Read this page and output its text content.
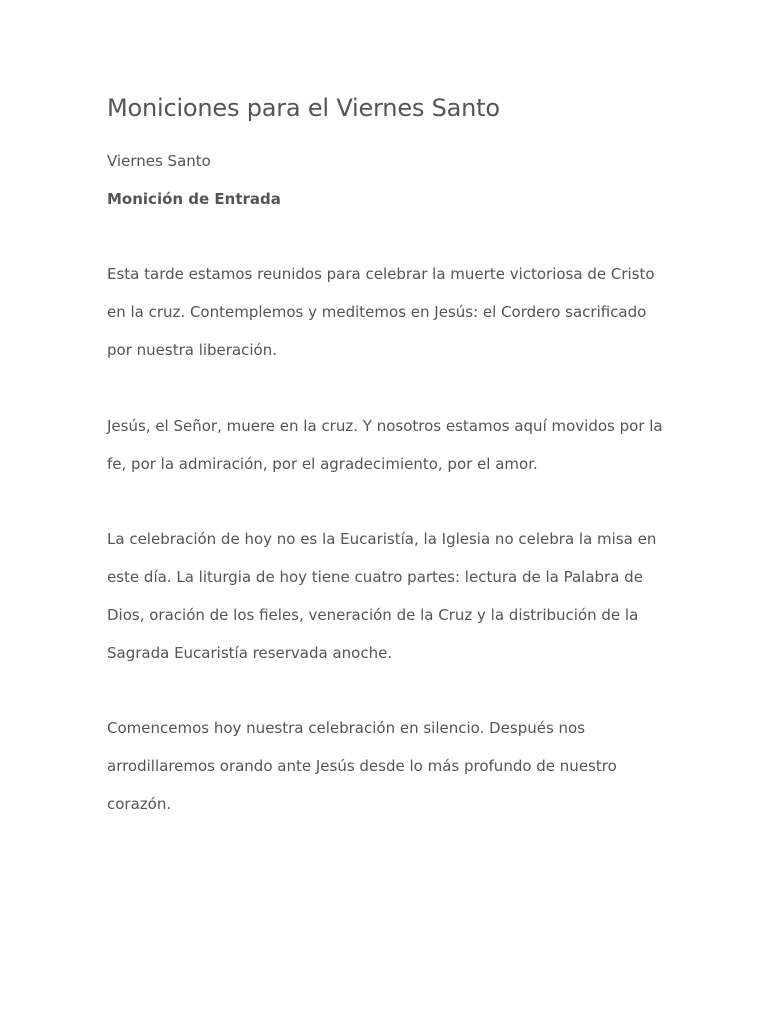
Moniciones para el Viernes Santo

Viernes Santo

Monición de Entrada

Esta tarde estamos reunidos para celebrar la muerte victoriosa de Cristo en la cruz. Contemplemos y meditemos en Jesús: el Cordero sacrificado por nuestra liberación.

Jesús, el Señor, muere en la cruz. Y nosotros estamos aquí movidos por la fe, por la admiración, por el agradecimiento, por el amor.

La celebración de hoy no es la Eucaristía, la Iglesia no celebra la misa en este día. La liturgia de hoy tiene cuatro partes: lectura de la Palabra de Dios, oración de los fieles, veneración de la Cruz y la distribución de la Sagrada Eucaristía reservada anoche.

Comencemos hoy nuestra celebración en silencio. Después nos arrodillaremos orando ante Jesús desde lo más profundo de nuestro corazón.
